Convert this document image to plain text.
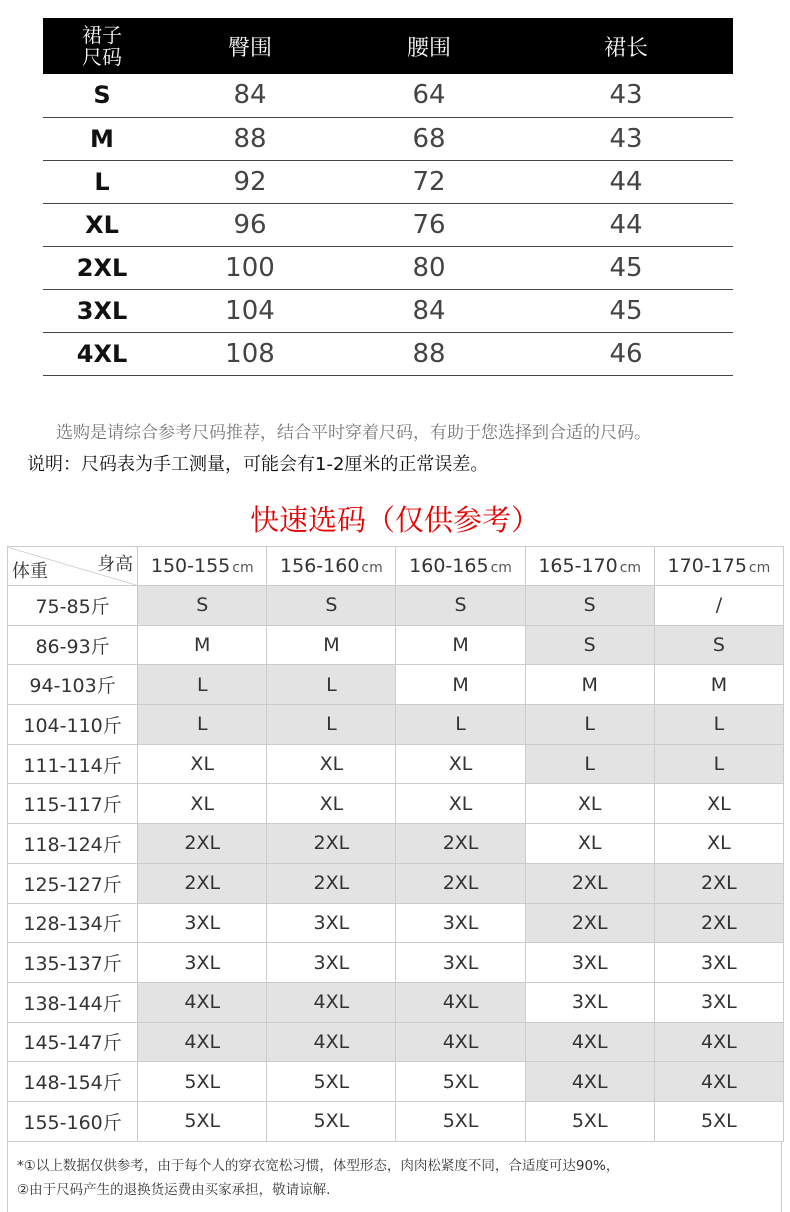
裙子
尺码	臀围	腰围	裙长
S	84	64	43
M	88	68	43
L	92	72	44
XL	96	76	44
2XL	100	80	45
3XL	104	84	45
4XL	108	88	46
选购是请综合参考尺码推荐，结合平时穿着尺码，有助于您选择到合适的尺码。
说明：尺码表为手工测量，可能会有1-2厘米的正常误差。
快速选码（仅供参考）
身高
体重	150-155 cm	156-160 cm	160-165 cm	165-170 cm	170-175 cm
75-85斤	S	S	S	S	/
86-93斤	M	M	M	S	S
94-103斤	L	L	M	M	M
104-110斤	L	L	L	L	L
111-114斤	XL	XL	XL	L	L
115-117斤	XL	XL	XL	XL	XL
118-124斤	2XL	2XL	2XL	XL	XL
125-127斤	2XL	2XL	2XL	2XL	2XL
128-134斤	3XL	3XL	3XL	2XL	2XL
135-137斤	3XL	3XL	3XL	3XL	3XL
138-144斤	4XL	4XL	4XL	3XL	3XL
145-147斤	4XL	4XL	4XL	4XL	4XL
148-154斤	5XL	5XL	5XL	4XL	4XL
155-160斤	5XL	5XL	5XL	5XL	5XL
*①以上数据仅供参考，由于每个人的穿衣宽松习惯，体型形态，肉肉松紧度不同，合适度可达90%，
②由于尺码产生的退换货运费由买家承担，敬请谅解.
